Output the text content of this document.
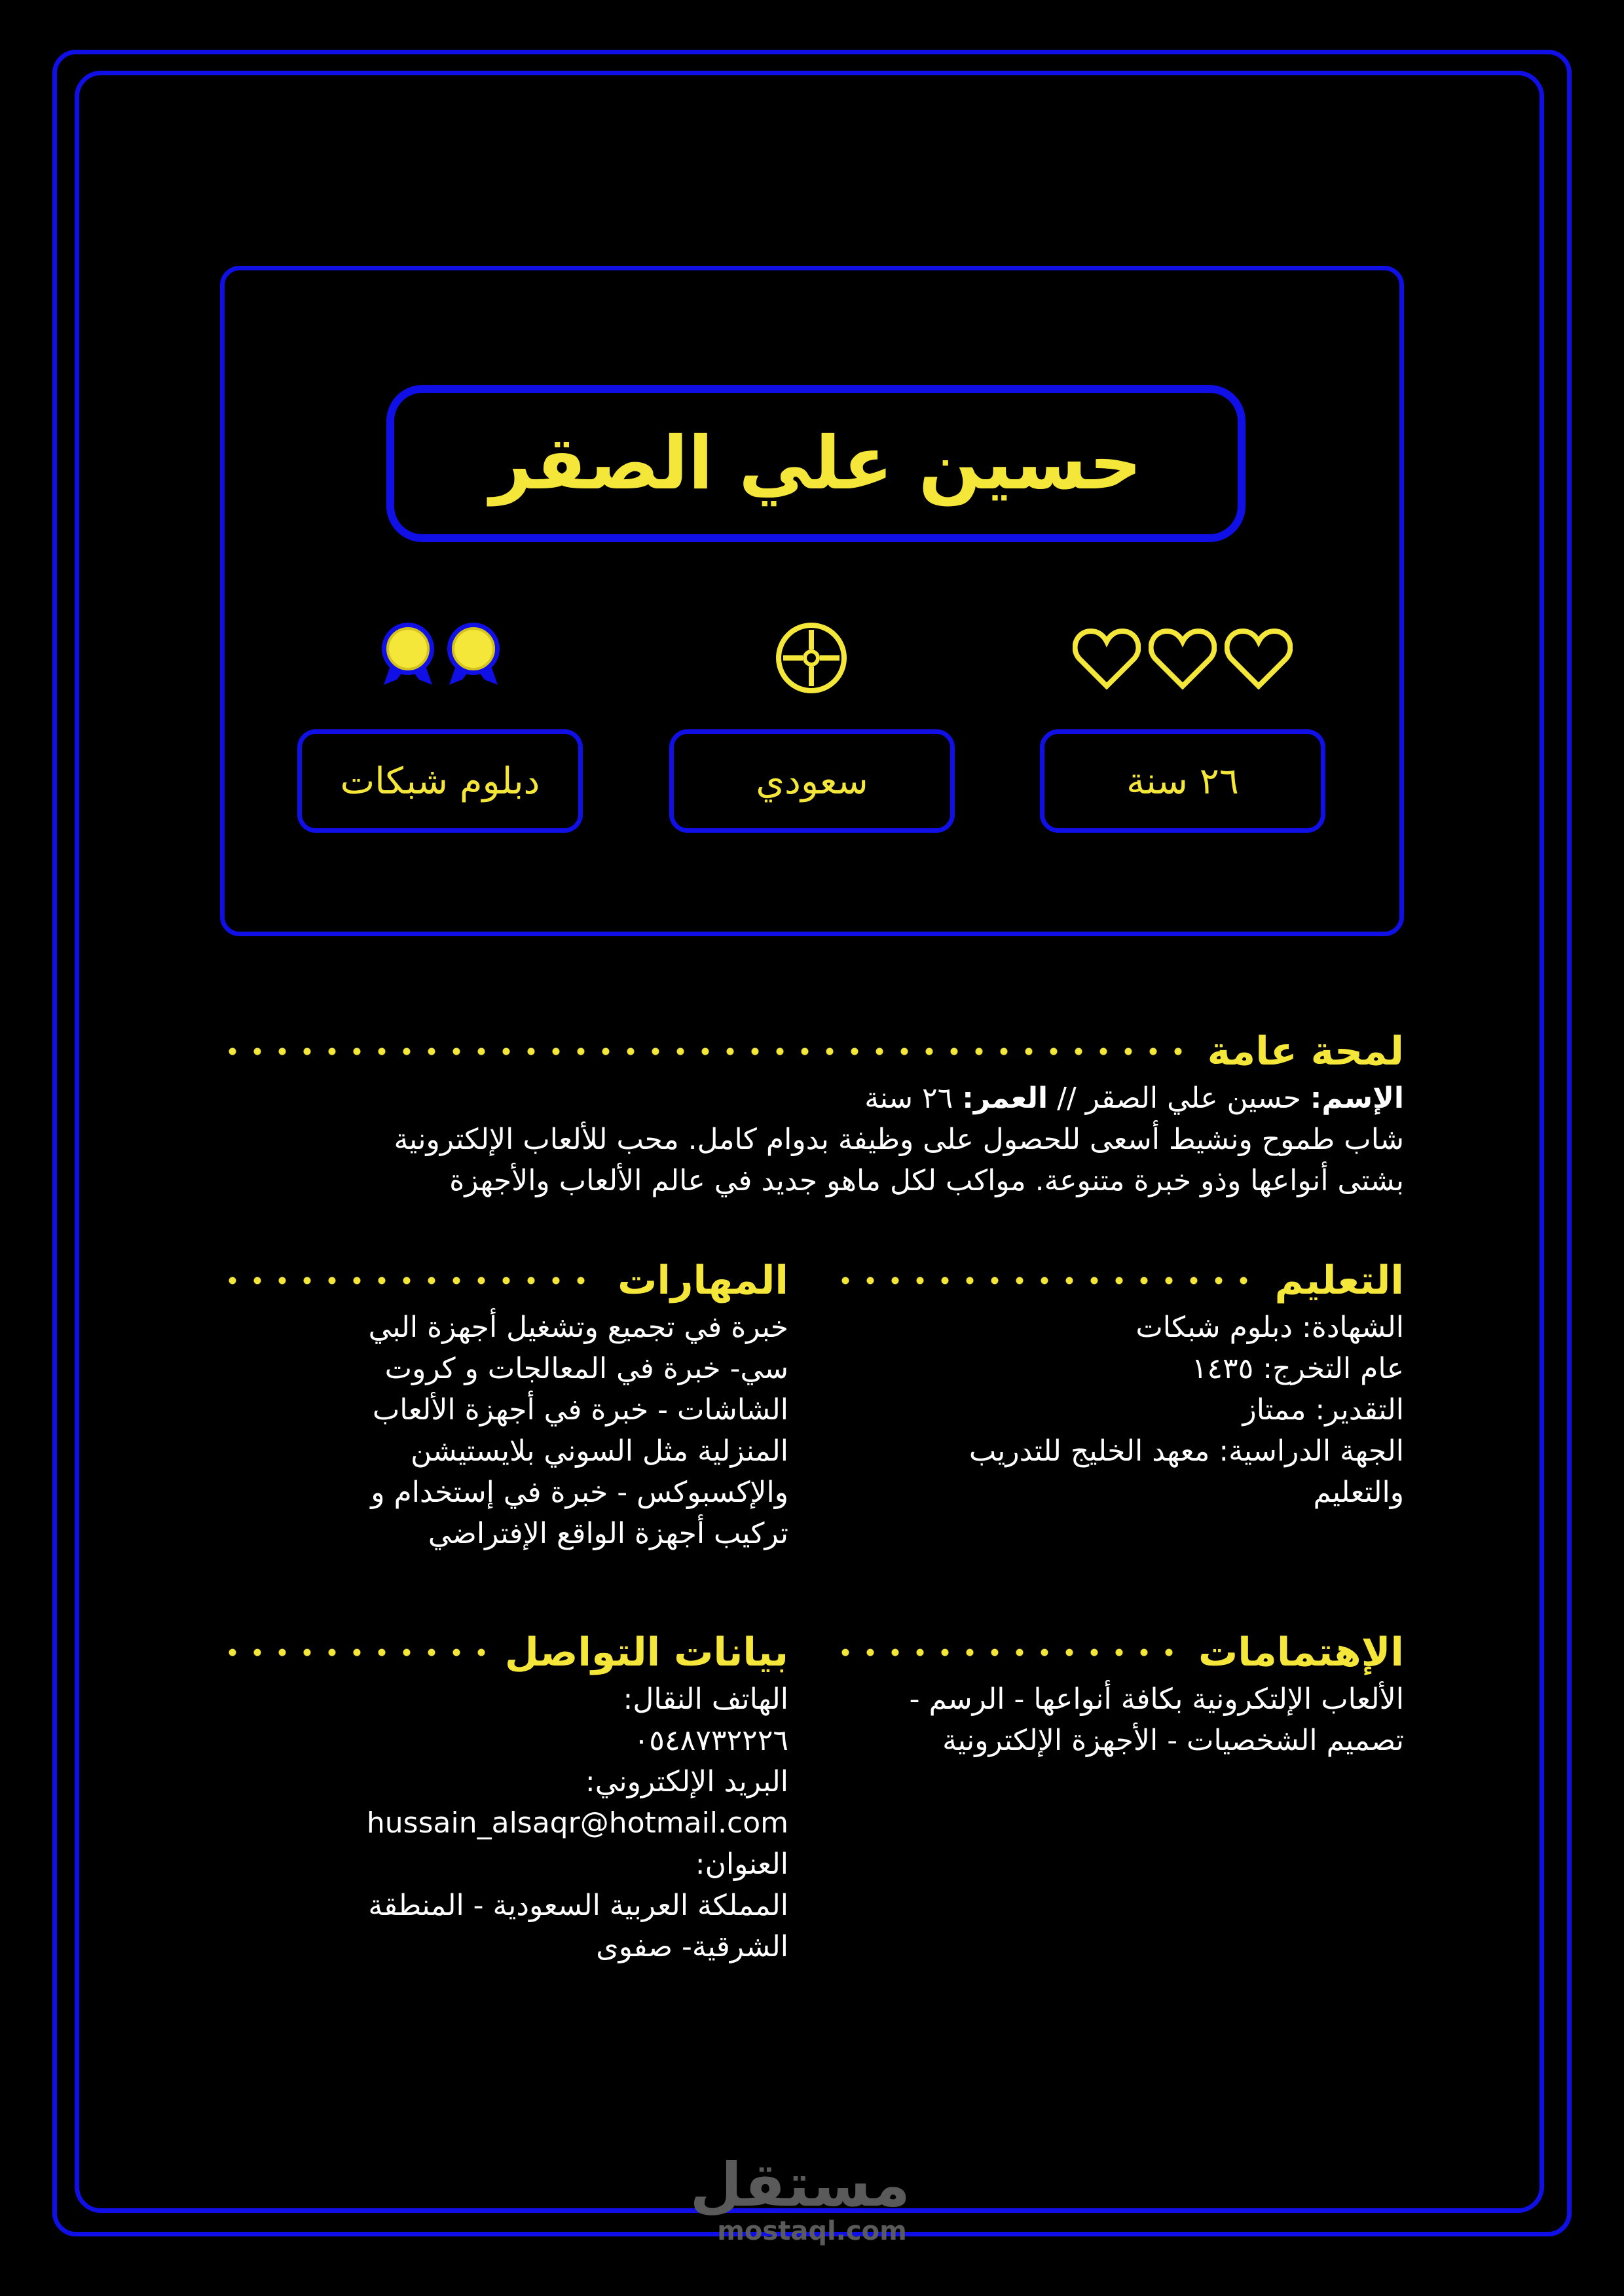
حسين علي الصقر
دبلوم شبكات	سعودي	٢٦ سنة
لمحة عامة

الإسم: حسين علي الصقر // العمر: ٢٦ سنة

شاب طموح ونشيط أسعى للحصول على وظيفة بدوام كامل. محب للألعاب الإلكترونية

بشتى أنواعها وذو خبرة متنوعة. مواكب لكل ماهو جديد في عالم الألعاب والأجهزة

التعليم

الشهادة: دبلوم شبكات

عام التخرج: ١٤٣٥

التقدير: ممتاز

الجهة الدراسية: معهد الخليج للتدريب

والتعليم

المهارات

خبرة في تجميع وتشغيل أجهزة البي

سي- خبرة في المعالجات و كروت

الشاشات - خبرة في أجهزة الألعاب

المنزلية مثل السوني بلايستيشن

والإكسبوكس - خبرة في إستخدام و

تركيب أجهزة الواقع الإفتراضي

الإهتمامات

الألعاب الإلتكرونية بكافة أنواعها - الرسم -

تصميم الشخصيات - الأجهزة الإلكترونية

بيانات التواصل

الهاتف النقال:

٠٥٤٨٧٣٢٢٢٦

البريد الإلكتروني:

hussain_alsaqr@hotmail.com

العنوان:

المملكة العربية السعودية - المنطقة

الشرقية- صفوى

مستقل
mostaql.com
